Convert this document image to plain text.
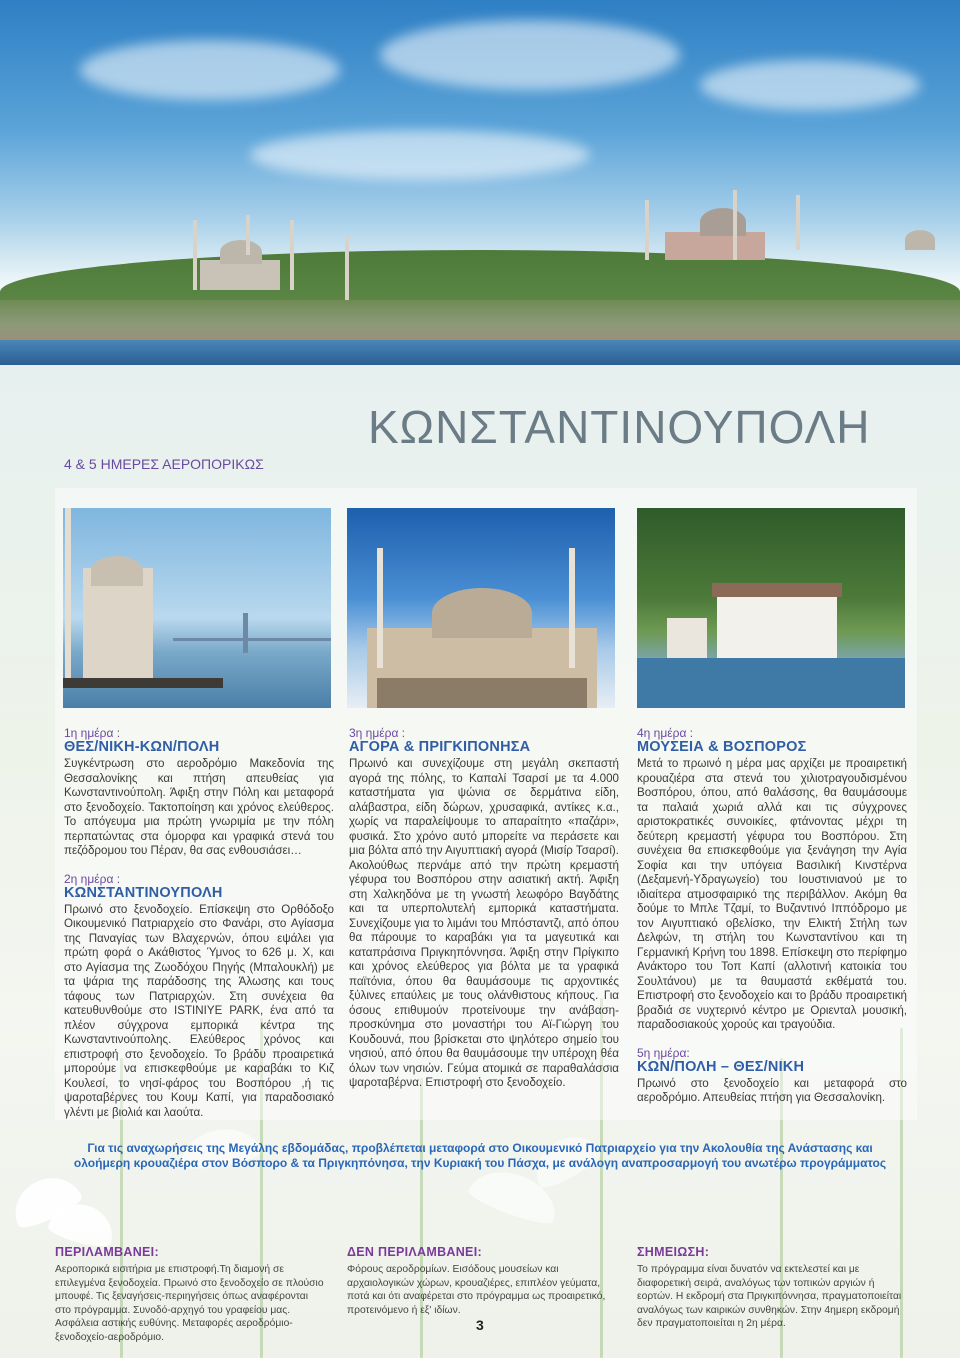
ΚΩΝΣΤΑΝΤΙΝΟΥΠΟΛΗ
4 & 5 ΗΜΕΡΕΣ ΑΕΡΟΠΟΡΙΚΩΣ
1η ημέρα :
ΘΕΣ/ΝΙΚΗ-ΚΩΝ/ΠΟΛΗ

Συγκέντρωση στο αεροδρόμιο Μακεδονία της Θεσσαλονίκης και πτήση απευθείας για Κωνσταντινούπολη. Άφιξη στην Πόλη και μεταφορά στο ξενοδοχείο. Τακτοποίηση και χρόνος ελεύθερος. Το απόγευμα μια πρώτη γνωριμία με την πόλη περπατώντας στα όμορφα και γραφικά στενά του πεζόδρομου του Πέραν, θα σας ενθουσιάσει…

2η ημέρα :
ΚΩΝΣΤΑΝΤΙΝΟΥΠΟΛΗ

Πρωινό στο ξενοδοχείο. Επίσκεψη στο Ορθόδοξο Οικουμενικό Πατριαρχείο στο Φανάρι, στο Αγίασμα της Παναγίας των Βλαχερνών, όπου εψάλει για πρώτη φορά ο Ακάθιστος Ύμνος το 626 μ. Χ, και στο Αγίασμα της Ζωοδόχου Πηγής (Μπαλουκλή) με τα ψάρια της παράδοσης της Άλωσης και τους τάφους των Πατριαρχών. Στη συνέχεια θα κατευθυνθούμε στο ISTINIYE PARK, ένα από τα πλέον σύγχρονα εμπορικά κέντρα της Κωνσταντινούπολης. Ελεύθερος χρόνος και επιστροφή στο ξενοδοχείο. Το βράδυ προαιρετικά μπορούμε να επισκεφθούμε με καραβάκι το Κιζ Κουλεσί, το νησί-φάρος του Βοσπόρου ,ή τις ψαροταβέρνες του Κουμ Καπί, για παραδοσιακό γλέντι με βιολιά και λαούτα.

3η ημέρα :
ΑΓΟΡΑ & ΠΡΙΓΚΙΠΟΝΗΣΑ

Πρωινό και συνεχίζουμε στη μεγάλη σκεπαστή αγορά της πόλης, το Καπαλί Τσαρσί με τα 4.000 καταστήματα για ψώνια σε δερμάτινα είδη, αλάβαστρα, είδη δώρων, χρυσαφικά, αντίκες κ.α., χωρίς να παραλείψουμε το απαραίτητο «παζάρι», φυσικά. Στο χρόνο αυτό μπορείτε να περάσετε και μια βόλτα από την Αιγυπτιακή αγορά (Μισίρ Τσαρσί). Ακολούθως περνάμε από την πρώτη κρεμαστή γέφυρα του Βοσπόρου στην ασιατική ακτή. Άφιξη στη Χαλκηδόνα με τη γνωστή λεωφόρο Βαγδάτης και τα υπερπολυτελή εμπορικά καταστήματα. Συνεχίζουμε για το λιμάνι του Μπόσταντζι, από όπου θα πάρουμε το καραβάκι για τα μαγευτικά και καταπράσινα Πριγκηπόννησα. Άφιξη στην Πρίγκιπο και χρόνος ελεύθερος για βόλτα με τα γραφικά παϊτόνια, όπου θα θαυμάσουμε τις αρχοντικές ξύλινες επαύλεις με τους ολάνθιστους κήπους. Για όσους επιθυμούν προτείνουμε την ανάβαση-προσκύνημα στο μοναστήρι του Αϊ-Γιώργη του Κουδουνά, που βρίσκεται στο ψηλότερο σημείο του νησιού, από όπου θα θαυμάσουμε την υπέροχη θέα όλων των νησιών. Γεύμα ατομικά σε παραθαλάσσια ψαροταβέρνα. Επιστροφή στο ξενοδοχείο.

4η ημέρα :
ΜΟΥΣΕΙΑ & ΒΟΣΠΟΡΟΣ

Μετά το πρωινό η μέρα μας αρχίζει με προαιρετική κρουαζιέρα στα στενά του χιλιοτραγουδισμένου Βοσπόρου, όπου, από θαλάσσης, θα θαυμάσουμε τα παλαιά χωριά αλλά και τις σύγχρονες αριστοκρατικές συνοικίες, φτάνοντας μέχρι τη δεύτερη κρεμαστή γέφυρα του Βοσπόρου. Στη συνέχεια θα επισκεφθούμε για ξενάγηση την Αγία Σοφία και την υπόγεια Βασιλική Κινστέρνα (Δεξαμενή-Υδραγωγείο) του Ιουστινιανού με το ιδιαίτερα ατμοσφαιρικό της περιβάλλον. Ακόμη θα δούμε το Μπλε Τζαμί, το Βυζαντινό Ιππόδρομο με τον Αιγυπτιακό οβελίσκο, την Ελικτή Στήλη των Δελφών, τη στήλη του Κωνσταντίνου και τη Γερμανική Κρήνη του 1898. Επίσκεψη στο περίφημο Ανάκτορο του Τοπ Καπί (αλλοτινή κατοικία του Σουλτάνου) με τα θαυμαστά εκθέματά του. Επιστροφή στο ξενοδοχείο και το βράδυ προαιρετική βραδιά σε νυχτερινό κέντρο με Οριενταλ μουσική, παραδοσιακούς χορούς και τραγούδια.

5η ημέρα:
ΚΩΝ/ΠΟΛΗ – ΘΕΣ/ΝΙΚΗ

Πρωινό στο ξενοδοχείο και μεταφορά στο αεροδρόμιο. Απευθείας πτήση για Θεσσαλονίκη.

Για τις αναχωρήσεις της Μεγάλης εβδομάδας, προβλέπεται μεταφορά στο Οικουμενικό Πατριαρχείο για την Ακολουθία της Ανάστασης και
ολοήμερη κρουαζιέρα στον Βόσπορο & τα Πριγκηπόνησα, την Κυριακή του Πάσχα, με ανάλογη αναπροσαρμογή του ανωτέρω προγράμματος
ΠΕΡΙΛΑΜΒΑΝΕΙ:

Αεροπορικά εισιτήρια με επιστροφή.Τη διαμονή σε επιλεγμένα ξενοδοχεία. Πρωινό στο ξενοδοχείο σε πλούσιο μπουφέ. Τις ξεναγήσεις-περιηγήσεις όπως αναφέρονται στο πρόγραμμα. Συνοδό-αρχηγό του γραφείου μας. Ασφάλεια αστικής ευθύνης. Μεταφορές αεροδρόμιο-ξενοδοχείο-αεροδρόμιο.

ΔΕΝ ΠΕΡΙΛΑΜΒΑΝΕΙ:

Φόρους αεροδρομίων. Εισόδους μουσείων και αρχαιολογικών χώρων, κρουαζιέρες, επιπλέον γεύματα, ποτά και ότι αναφέρεται στο πρόγραμμα ως προαιρετικό, προτεινόμενο ή εξ' ιδίων.

ΣΗΜΕΙΩΣΗ:

Το πρόγραμμα είναι δυνατόν να εκτελεστεί και με διαφορετική σειρά, αναλόγως των τοπικών αργιών ή εορτών. Η εκδρομή στα Πριγκιπόννησα, πραγματοποιείται αναλόγως των καιρικών συνθηκών. Στην 4ημερη εκδρομή δεν πραγματοποιείται η 2η μέρα.

3
